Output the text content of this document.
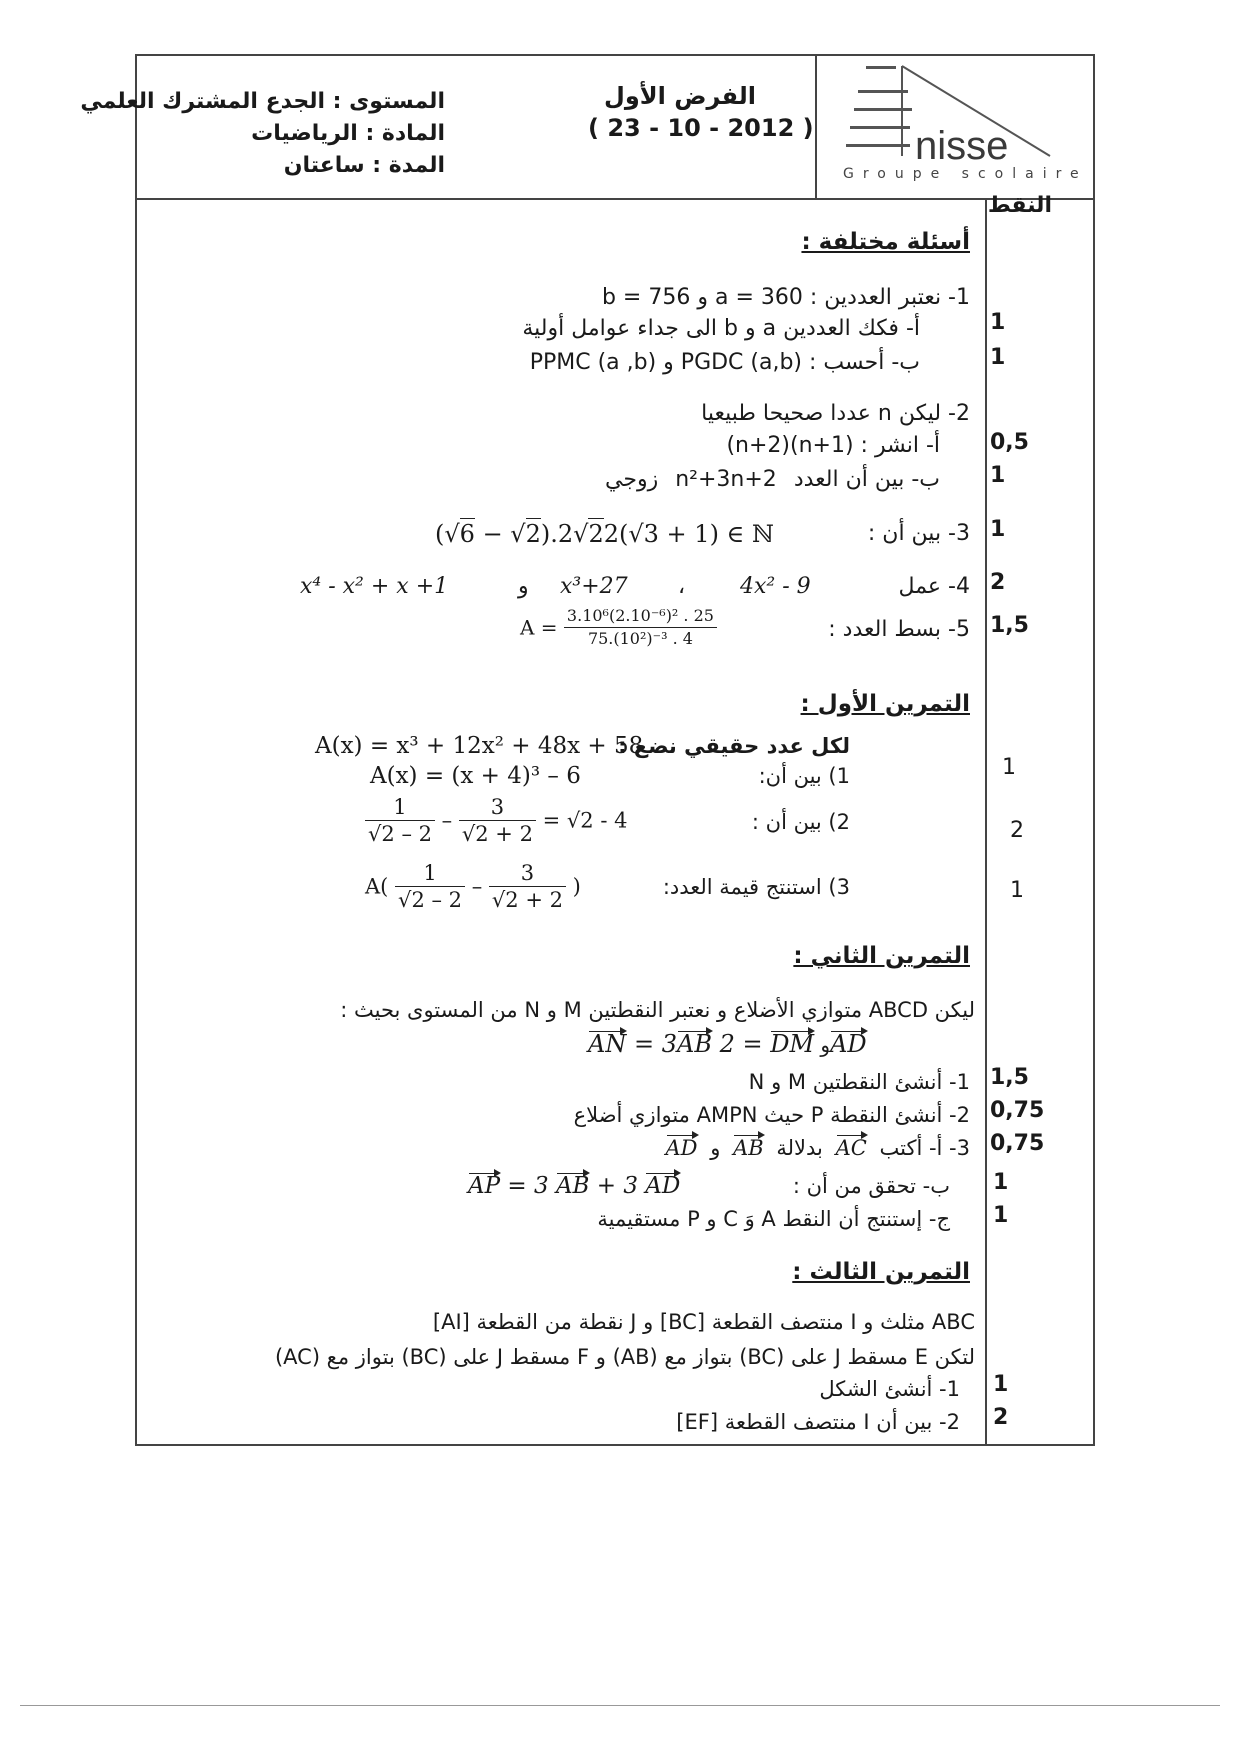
المستوى : الجدع المشترك العلمي
المادة : الرياضيات
المدة : ساعتان
الفرض الأول
( 23 - 10 - 2012 )	nisse
Groupe scolaire
النقط
أسئلة مختلفة :
1- نعتبر العددين : a = 360 و b = 756
أ- فكك العددين a و b الى جداء عوامل أولية
ب- أحسب : PGDC (a,b) و PPMC (a ,b)
2- ليكن n عددا صحيحا طبيعيا
أ- انشر : (n+1)(n+2)
ب- بين أن العدد n²+3n+2 زوجي
3- بين أن :
(√6 − √2).2√22(√3 + 1) ∈ ℕ
4- عمل
4x² - 9
،
x³+27
و
x⁴ - x² + x +1
5- بسط العدد :
$A = \frac{\text{3.10⁶(2.10⁻⁶)² . 25}}{\text{75.(10²)⁻³ . 4}}$
1
1
0,5
1
1
2
1,5
التمرين الأول :
لكل عدد حقيقي نضع :
A(x) = x³ + 12x² + 48x + 58
1) بين أن:
A(x) = (x + 4)³ – 6
2) بين أن :
$\frac{1}{√2 - 2} - \frac{3}{√2 + 2} = √2 - 4$
3) استنتج قيمة العدد:
$A( \frac{1}{√2 - 2} - \frac{3}{√2 + 2}$ )
1
2
1
التمرين الثاني :
ليكن ABCD متوازي الأضلاع و نعتبر النقطتين M و N من المستوى بحيث :
AN = 3AB	و DM = 2 AD
1- أنشئ النقطتين M و N
2- أنشئ النقطة P حيث AMPN متوازي أضلاع
3- أ- أكتب AC بدلالة AB و AD
ب- تحقق من أن :
AP = 3 AB + 3 AD
ج- إستنتج أن النقط A وَ C و P مستقيمية
1,5
0,75
0,75
1
1
التمرين الثالث :
ABC مثلث و I منتصف القطعة [BC] و J نقطة من القطعة [AI]
لتكن E مسقط J على (BC) بتواز مع (AB) و F مسقط J على (BC) بتواز مع (AC)
1- أنشئ الشكل
2- بين أن I منتصف القطعة [EF]
1
2
